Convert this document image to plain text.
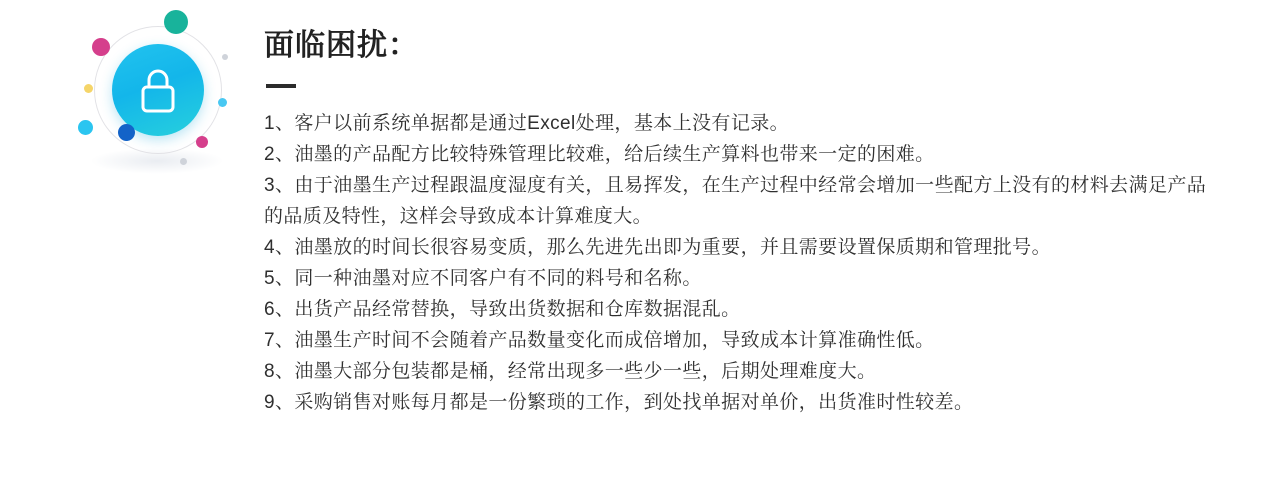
面临困扰：
1、客户以前系统单据都是通过Excel处理，基本上没有记录。
2、油墨的产品配方比较特殊管理比较难，给后续生产算料也带来一定的困难。
3、由于油墨生产过程跟温度湿度有关，且易挥发，在生产过程中经常会增加一些配方上没有的材料去满足产品的品质及特性，这样会导致成本计算难度大。
4、油墨放的时间长很容易变质，那么先进先出即为重要，并且需要设置保质期和管理批号。
5、同一种油墨对应不同客户有不同的料号和名称。
6、出货产品经常替换，导致出货数据和仓库数据混乱。
7、油墨生产时间不会随着产品数量变化而成倍增加，导致成本计算准确性低。
8、油墨大部分包装都是桶，经常出现多一些少一些，后期处理难度大。
9、采购销售对账每月都是一份繁琐的工作，到处找单据对单价，出货准时性较差。
